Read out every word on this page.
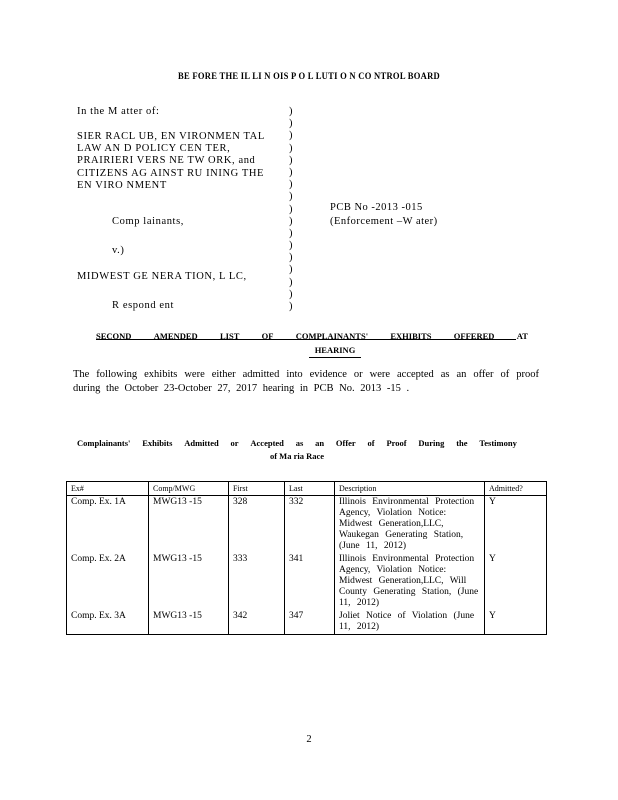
BE FORE THE IL LI N OIS P O L LUTI O N CO NTROL BOARD
In the M atter of:
SIER RACL UB, EN VIRONMEN TAL
LAW AN D POLICY CEN TER,
PRAIRIERI VERS NE TW ORK, and
CITIZENS AG AINST RU INING THE
EN VIRO NMENT
Comp lainants,
v.)
MIDWEST GE NERA TION, L LC,
R espond ent
)
)
)
)
)
)
)
)
)
)
)
)
)
)
)
)
)
PCB No -2013 -015
(Enforcement –W ater)
SECOND	AMENDED	LIST	OF	COMPLAINANTS'	EXHIBITS	OFFERED	AT
HEARING
The following exhibits were either admitted into evidence or were accepted as an offer of proof during the October 23-October 27, 2017 hearing in PCB No. 2013 -15 .
Complainants' Exhibits Admitted or Accepted as an Offer of Proof During the Testimony
of Ma ria Race
Ex#	Comp/MWG	First	Last	Description	Admitted?
Comp. Ex. 1A	MWG13 -15	328	332	Illinois Environmental Protection Agency, Violation Notice: Midwest Generation,LLC, Waukegan Generating Station, (June 11, 2012)	Y
Comp. Ex. 2A	MWG13 -15	333	341	Illinois Environmental Protection Agency, Violation Notice: Midwest Generation,LLC, Will County Generating Station, (June 11, 2012)	Y
Comp. Ex. 3A	MWG13 -15	342	347	Joliet Notice of Violation (June 11, 2012)	Y
2
